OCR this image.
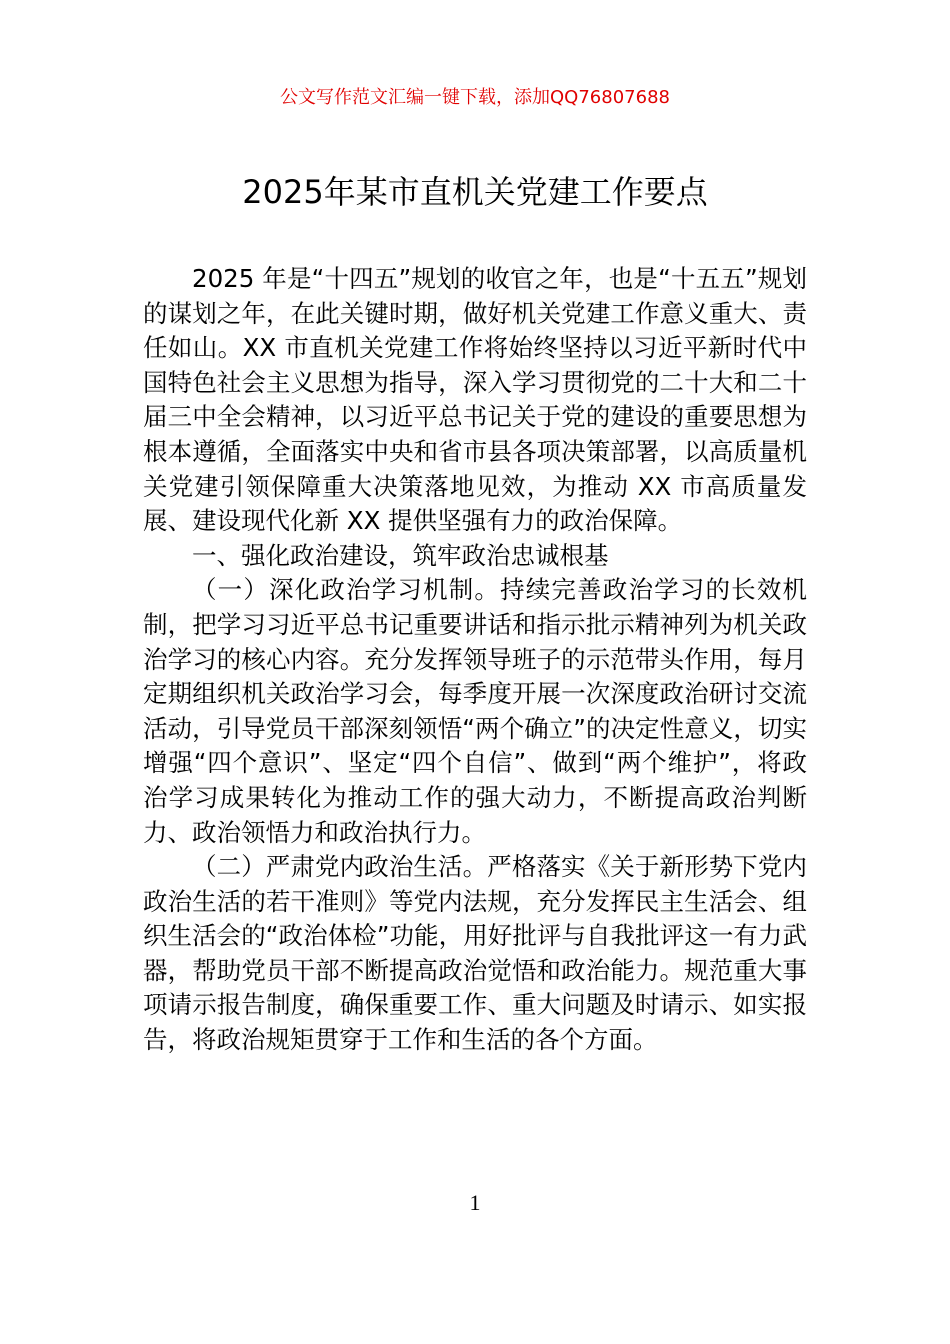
公文写作范文汇编一键下载，添加QQ76807688
2025年某市直机关党建工作要点

2025 年是“十四五”规划的收官之年，也是“十五五”规划的谋划之年，在此关键时期，做好机关党建工作意义重大、责任如山。XX 市直机关党建工作将始终坚持以习近平新时代中国特色社会主义思想为指导，深入学习贯彻党的二十大和二十届三中全会精神，以习近平总书记关于党的建设的重要思想为根本遵循，全面落实中央和省市县各项决策部署，以高质量机关党建引领保障重大决策落地见效，为推动 XX 市高质量发展、建设现代化新 XX 提供坚强有力的政治保障。

一、强化政治建设，筑牢政治忠诚根基

（一）深化政治学习机制。持续完善政治学习的长效机制，把学习习近平总书记重要讲话和指示批示精神列为机关政治学习的核心内容。充分发挥领导班子的示范带头作用，每月定期组织机关政治学习会，每季度开展一次深度政治研讨交流活动，引导党员干部深刻领悟“两个确立”的决定性意义，切实增强“四个意识”、坚定“四个自信”、做到“两个维护”，将政治学习成果转化为推动工作的强大动力，不断提高政治判断力、政治领悟力和政治执行力。

（二）严肃党内政治生活。严格落实《关于新形势下党内政治生活的若干准则》等党内法规，充分发挥民主生活会、组织生活会的“政治体检”功能，用好批评与自我批评这一有力武器，帮助党员干部不断提高政治觉悟和政治能力。规范重大事项请示报告制度，确保重要工作、重大问题及时请示、如实报告，将政治规矩贯穿于工作和生活的各个方面。

1
